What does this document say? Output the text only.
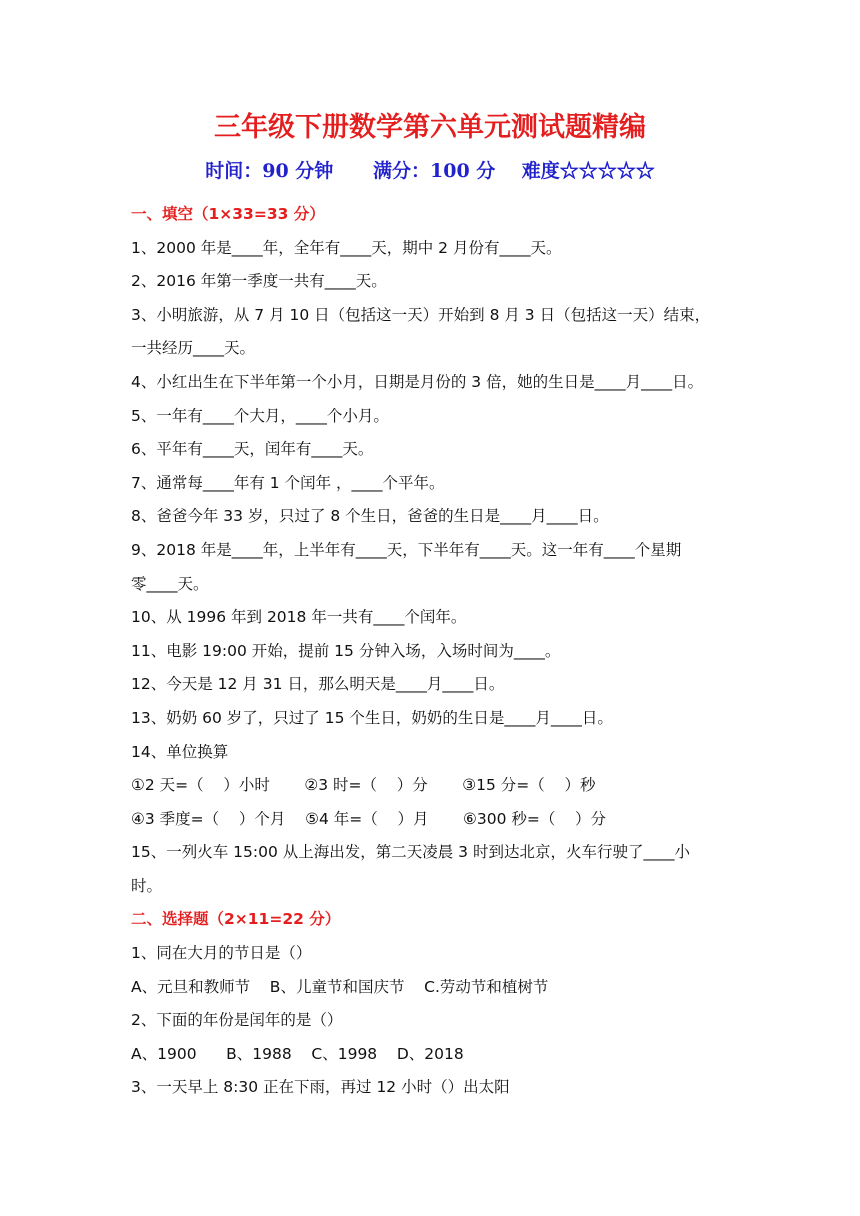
三年级下册数学第六单元测试题精编
时间：90 分钟 满分：100 分 难度☆☆☆☆☆
一、填空（1×33=33 分）
1、2000 年是____年，全年有____天，期中 2 月份有____天。
2、2016 年第一季度一共有____天。
3、小明旅游，从 7 月 10 日（包括这一天）开始到 8 月 3 日（包括这一天）结束，
一共经历____天。
4、小红出生在下半年第一个小月，日期是月份的 3 倍，她的生日是____月____日。
5、一年有____个大月，____个小月。
6、平年有____天，闰年有____天。
7、通常每____年有 1 个闰年 ，____个平年。
8、爸爸今年 33 岁，只过了 8 个生日，爸爸的生日是____月____日。
9、2018 年是____年，上半年有____天，下半年有____天。这一年有____个星期
零____天。
10、从 1996 年到 2018 年一共有____个闰年。
11、电影 19:00 开始，提前 15 分钟入场，入场时间为____。
12、今天是 12 月 31 日，那么明天是____月____日。
13、奶奶 60 岁了，只过了 15 个生日，奶奶的生日是____月____日。
14、单位换算
①2 天=（    ）小时       ②3 时=（    ）分       ③15 分=（    ）秒
④3 季度=（    ）个月    ⑤4 年=（    ）月       ⑥300 秒=（    ）分
15、一列火车 15:00 从上海出发，第二天凌晨 3 时到达北京，火车行驶了____小
时。
二、选择题（2×11=22 分）
1、同在大月的节日是（）
A、元旦和教师节    B、儿童节和国庆节    C.劳动节和植树节
2、下面的年份是闰年的是（）
A、1900      B、1988    C、1998    D、2018
3、一天早上 8:30 正在下雨，再过 12 小时（）出太阳
